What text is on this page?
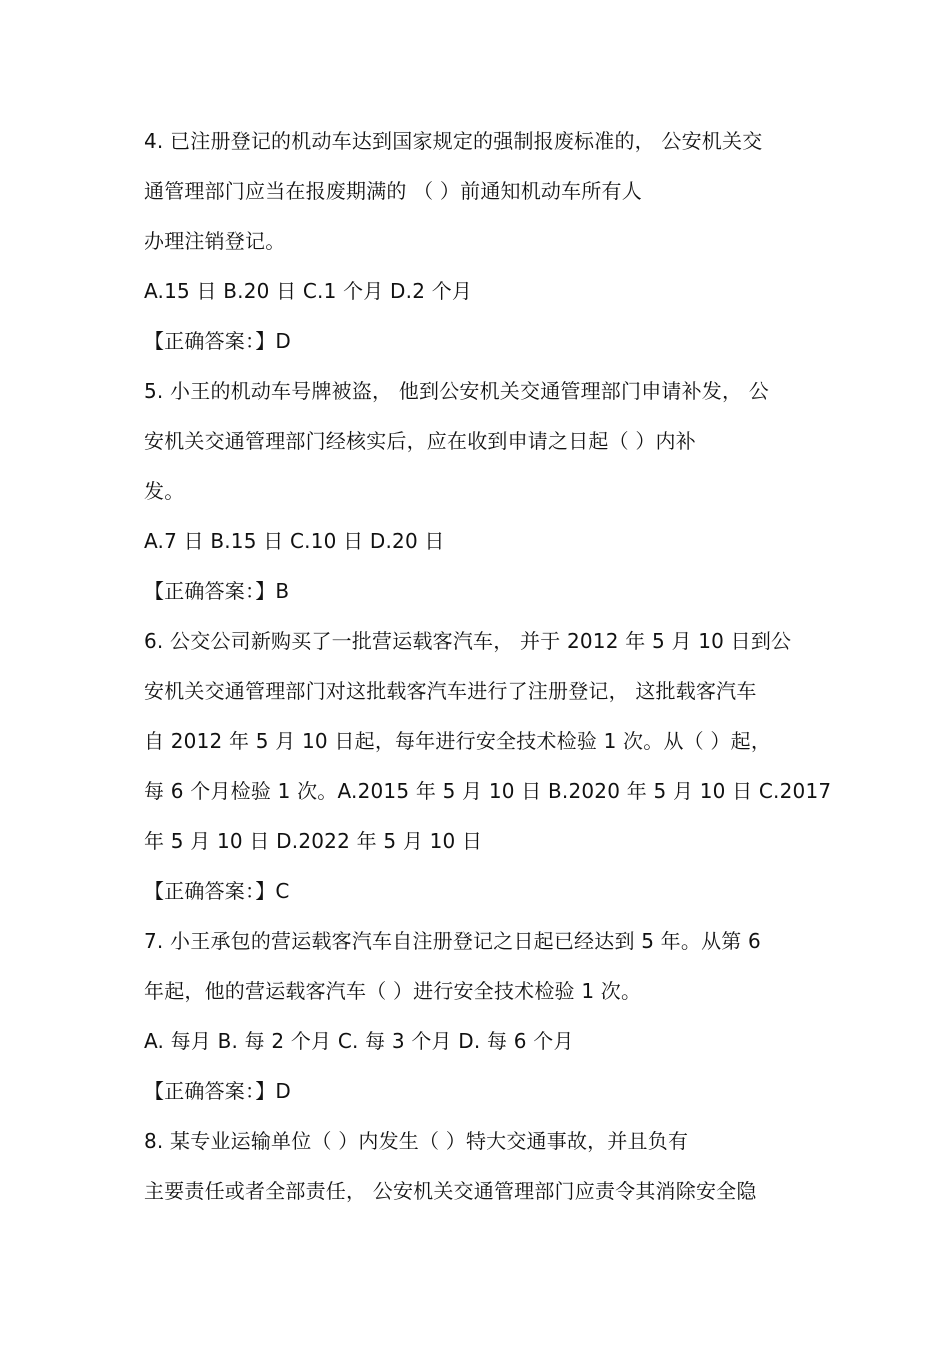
4. 已注册登记的机动车达到国家规定的强制报废标准的， 公安机关交
通管理部门应当在报废期满的 （ ）前通知机动车所有人
办理注销登记。
A.15 日 B.20 日 C.1 个月 D.2 个月
【正确答案：】D
5. 小王的机动车号牌被盗， 他到公安机关交通管理部门申请补发， 公
安机关交通管理部门经核实后，应在收到申请之日起（ ）内补
发。
A.7 日 B.15 日 C.10 日 D.20 日
【正确答案：】B
6. 公交公司新购买了一批营运载客汽车， 并于 2012 年 5 月 10 日到公
安机关交通管理部门对这批载客汽车进行了注册登记， 这批载客汽车
自 2012 年 5 月 10 日起，每年进行安全技术检验 1 次。从（ ）起，
每 6 个月检验 1 次。A.2015 年 5 月 10 日 B.2020 年 5 月 10 日 C.2017
年 5 月 10 日 D.2022 年 5 月 10 日
【正确答案：】C
7. 小王承包的营运载客汽车自注册登记之日起已经达到 5 年。从第 6
年起，他的营运载客汽车（ ）进行安全技术检验 1 次。
A. 每月 B. 每 2 个月 C. 每 3 个月 D. 每 6 个月
【正确答案：】D
8. 某专业运输单位（ ）内发生（ ）特大交通事故，并且负有
主要责任或者全部责任， 公安机关交通管理部门应责令其消除安全隐
